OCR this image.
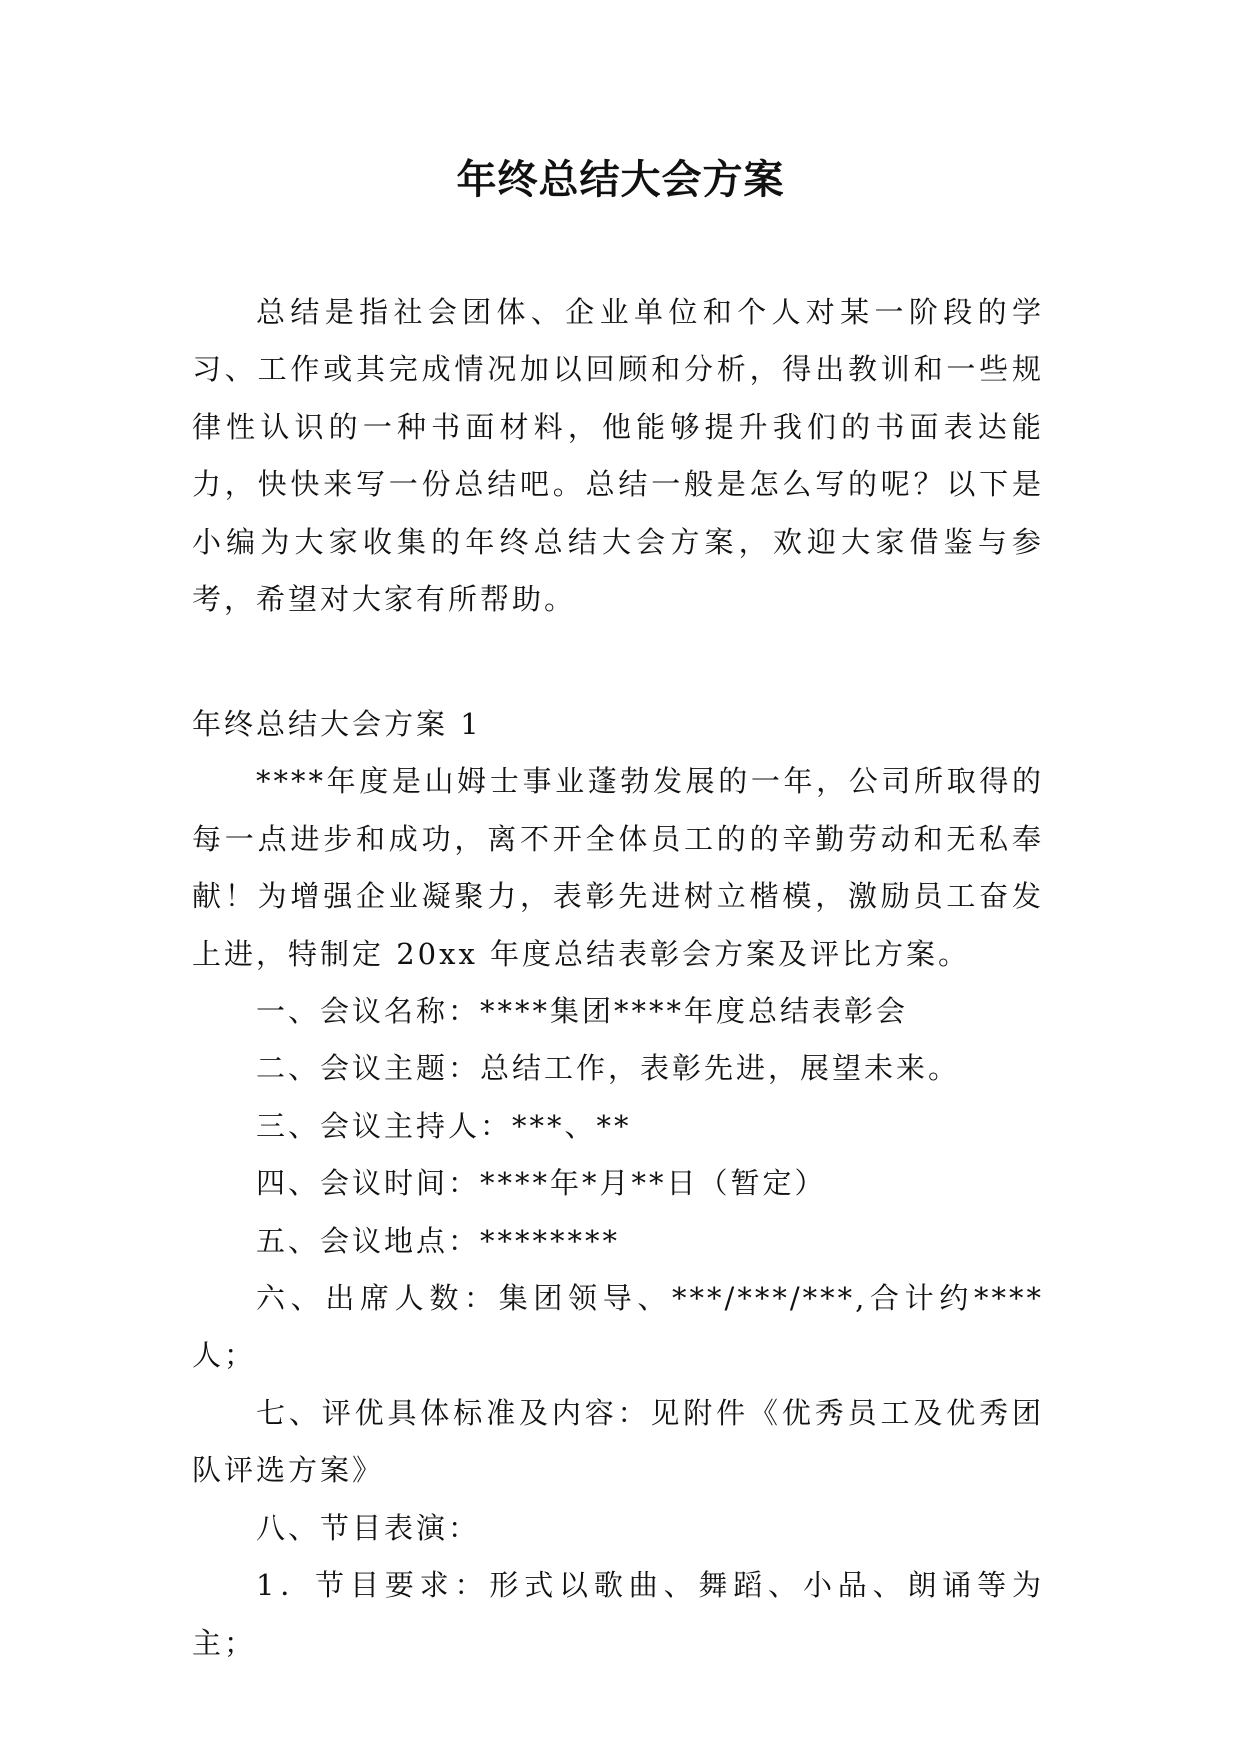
年终总结大会方案

总结是指社会团体、企业单位和个人对某一阶段的学习、工作或其完成情况加以回顾和分析，得出教训和一些规律性认识的一种书面材料，他能够提升我们的书面表达能力，快快来写一份总结吧。总结一般是怎么写的呢？以下是小编为大家收集的年终总结大会方案，欢迎大家借鉴与参考，希望对大家有所帮助。

年终总结大会方案 1

****年度是山姆士事业蓬勃发展的一年，公司所取得的每一点进步和成功，离不开全体员工的的辛勤劳动和无私奉献！为增强企业凝聚力，表彰先进树立楷模，激励员工奋发上进，特制定 20xx 年度总结表彰会方案及评比方案。

一、会议名称：****集团****年度总结表彰会

二、会议主题：总结工作，表彰先进，展望未来。

三、会议主持人：***、**

四、会议时间：****年*月**日（暂定）

五、会议地点：********

六、出席人数：集团领导、***/***/***,合计约****人；

七、评优具体标准及内容：见附件《优秀员工及优秀团队评选方案》

八、节目表演：

1．节目要求：形式以歌曲、舞蹈、小品、朗诵等为主；
